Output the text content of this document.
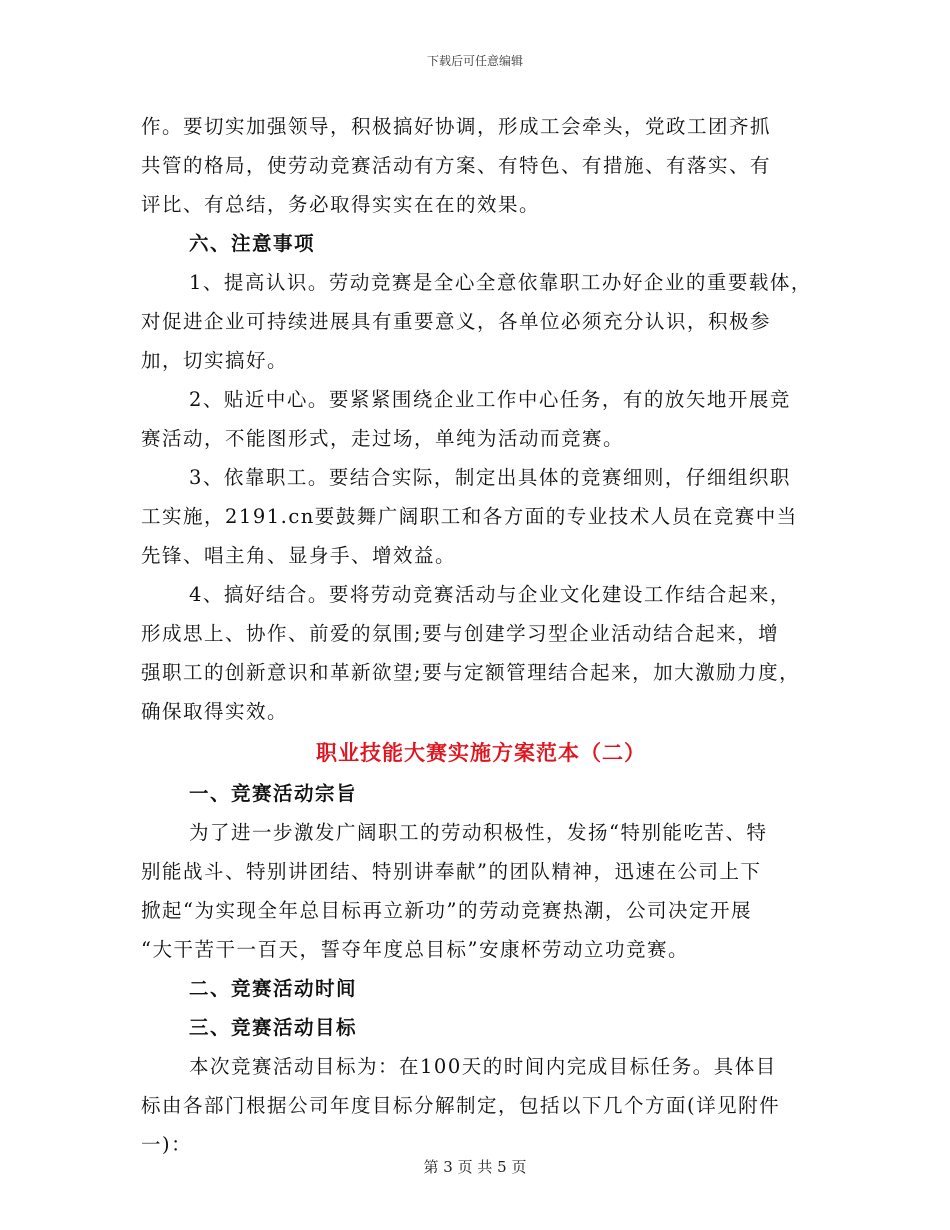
下载后可任意编辑
作。要切实加强领导，积极搞好协调，形成工会牵头，党政工团齐抓
共管的格局，使劳动竞赛活动有方案、有特色、有措施、有落实、有
评比、有总结，务必取得实实在在的效果。
六、注意事项
1、提高认识。劳动竞赛是全心全意依靠职工办好企业的重要载体，
对促进企业可持续进展具有重要意义，各单位必须充分认识，积极参
加，切实搞好。
2、贴近中心。要紧紧围绕企业工作中心任务，有的放矢地开展竞
赛活动，不能图形式，走过场，单纯为活动而竞赛。
3、依靠职工。要结合实际，制定出具体的竞赛细则，仔细组织职
工实施，2191.cn要鼓舞广阔职工和各方面的专业技术人员在竞赛中当
先锋、唱主角、显身手、增效益。
4、搞好结合。要将劳动竞赛活动与企业文化建设工作结合起来，
形成思上、协作、前爱的氛围;要与创建学习型企业活动结合起来，增
强职工的创新意识和革新欲望;要与定额管理结合起来，加大激励力度，
确保取得实效。
职业技能大赛实施方案范本（二）
一、竞赛活动宗旨
为了进一步激发广阔职工的劳动积极性，发扬“特别能吃苦、特
别能战斗、特别讲团结、特别讲奉献”的团队精神，迅速在公司上下
掀起“为实现全年总目标再立新功”的劳动竞赛热潮，公司决定开展
“大干苦干一百天，誓夺年度总目标”安康杯劳动立功竞赛。
二、竞赛活动时间
三、竞赛活动目标
本次竞赛活动目标为：在100天的时间内完成目标任务。具体目
标由各部门根据公司年度目标分解制定，包括以下几个方面(详见附件
一)：
第 3 页 共 5 页
